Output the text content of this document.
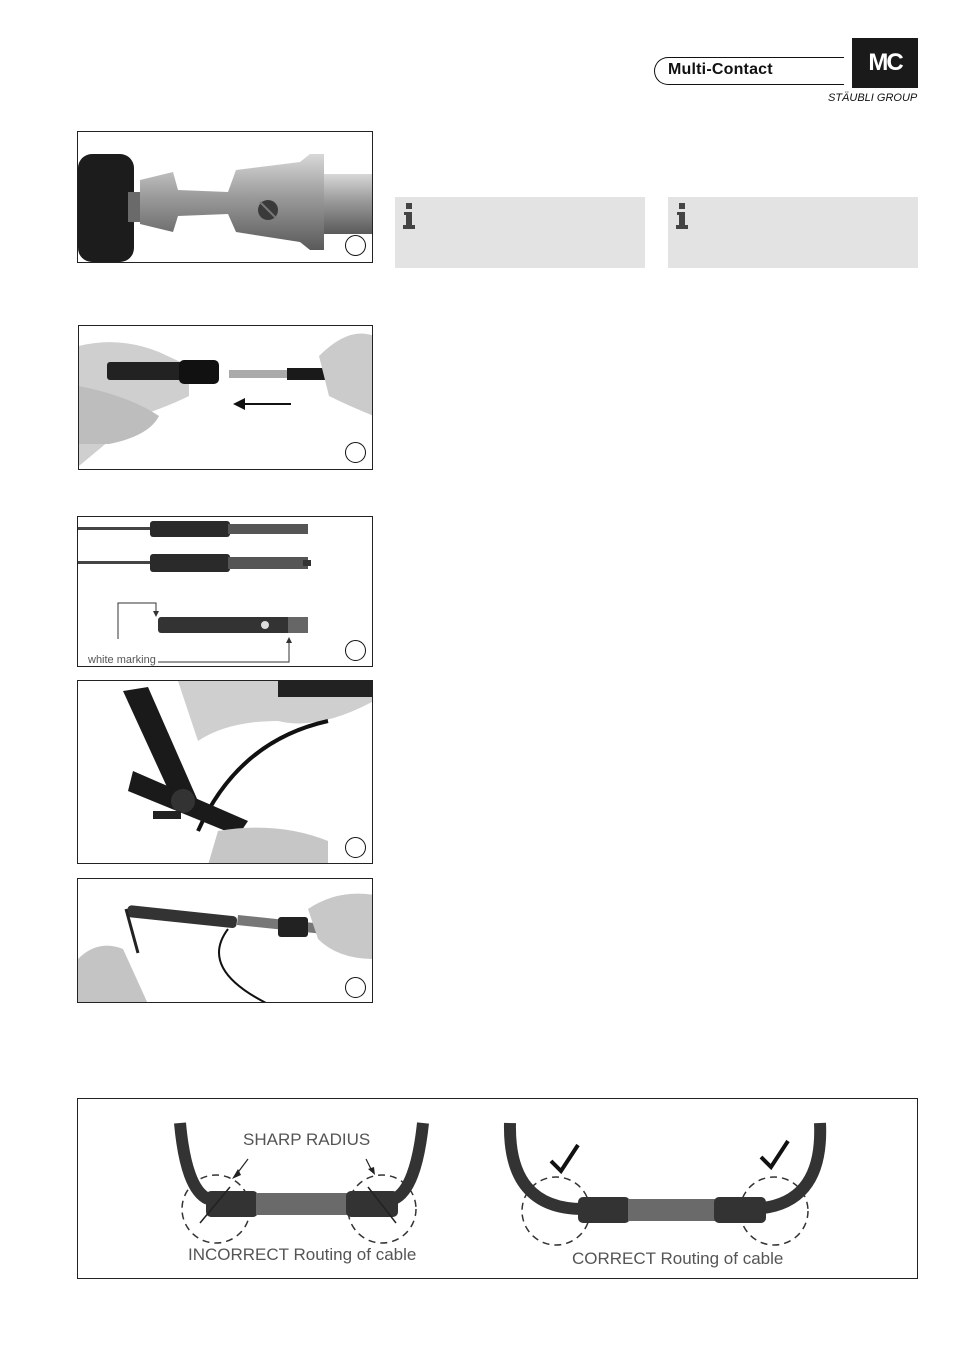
Multi-Contact	MC
STÄUBLI GROUP
white marking
SHARP RADIUS
INCORRECT Routing of cable	CORRECT Routing of cable
